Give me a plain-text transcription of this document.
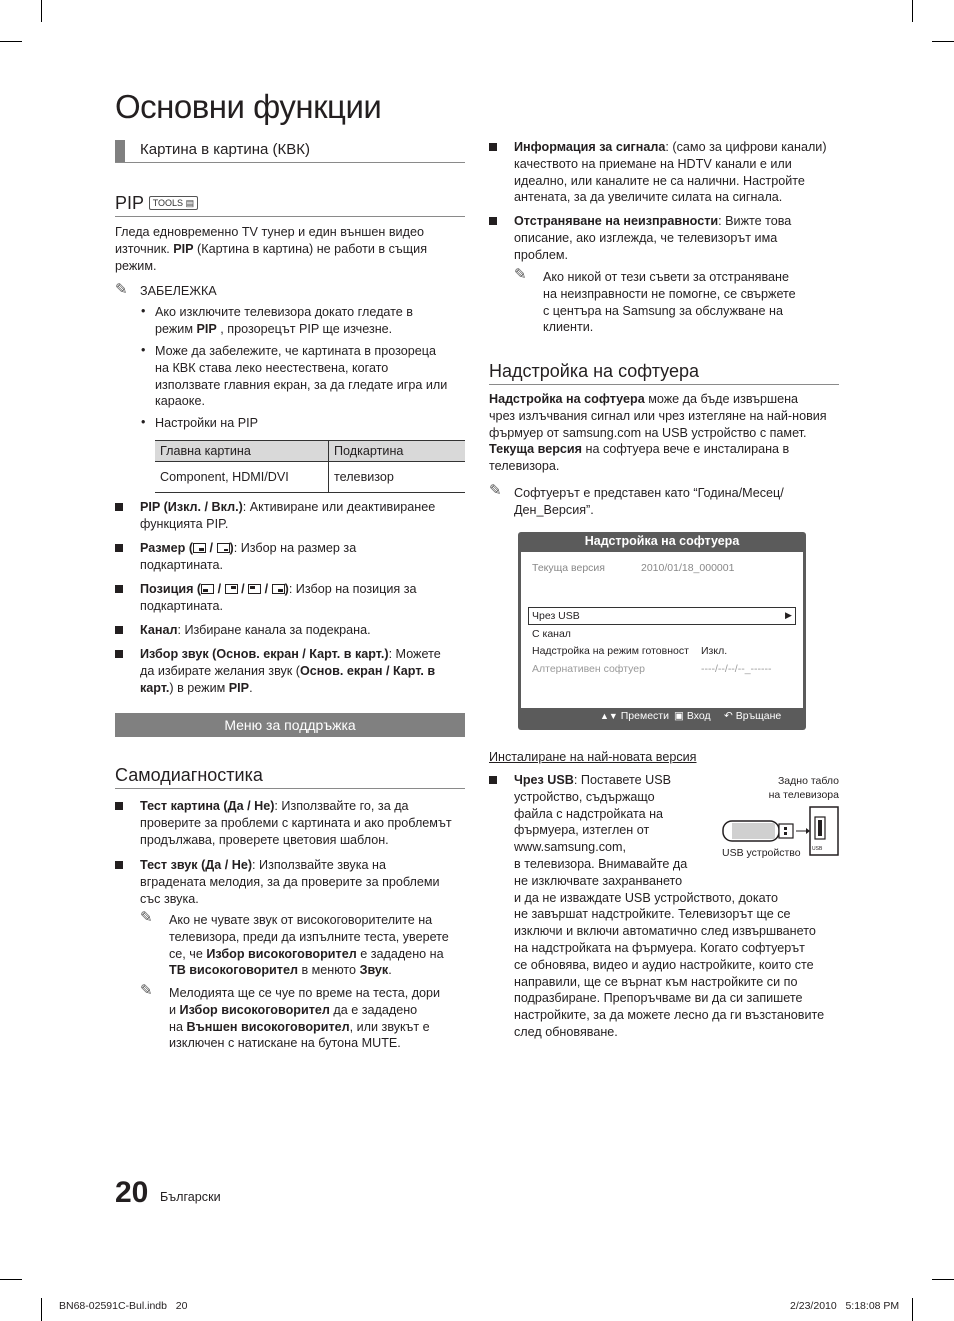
Основни функции
Картина в картина (КВК)
PIP TOOLS ▤
Гледа едновременно TV тунер и един външен видео
източник. PIP (Картина в картина) не работи в същия
режим.
✎ ЗАБЕЛЕЖКА
• Ако изключите телевизора докато гледате в
режим PIP , прозорецът PIP ще изчезне.
• Може да забележите, че картината в прозореца
на КВК става леко неестествена, когато
използвате главния екран, за да гледате игра или
караоке.
• Настройки на PIP
Главна картина	Подкартина
Component, HDMI/DVI	телевизор
PIP (Изкл. / Вкл.): Активиране или деактивиранее
функцията PIP.
Размер (
/
): Избор на размер за
подкартината.
Позиция (
/
/
/
): Избор на позиция за
подкартината.
Канал: Избиране канала за подекрана.
Избор звук (Основ. екран / Карт. в карт.): Можете
да избирате желания звук (Основ. екран / Карт. в
карт.) в режим PIP.
Меню за поддръжка
Самодиагностика
Тест картина (Да / Не): Използвайте го, за да
проверите за проблеми с картината и ако проблемът
продължава, проверете цветовия шаблон.
Тест звук (Да / Не): Използвайте звука на
вградената мелодия, за да проверите за проблеми
със звука.
✎ Ако не чувате звук от високоговорителите на
телевизора, преди да изпълните теста, уверете
се, че Избор високоговорител е зададено на
ТВ високоговорител в менюто Звук.
✎ Мелодията ще се чуе по време на теста, дори
и Избор високоговорител да е зададено
на Външен високоговорител, или звукът е
изключен с натискане на бутона MUTE.
Информация за сигнала: (само за цифрови канали)
качеството на приемане на HDTV канали е или
идеално, или каналите не са налични. Настройте
антената, за да увеличите силата на сигнала.
Отстраняване на неизправности: Вижте това
описание, ако изглежда, че телевизорът има
проблем.
✎ Ако никой от тези съвети за отстраняване
на неизправности не помогне, се свържете
с центъра на Samsung за обслужване на
клиенти.
Надстройка на софтуера
Надстройка на софтуера може да бъде извършена
чрез излъчвания сигнал или чрез изтегляне на най-новия
фърмуер от samsung.com на USB устройство с памет.
Текуща версия на софтуера вече е инсталирана в
телевизора.
✎ Софтуерът е представен като “Година/Месец/
Ден_Версия”.
Надстройка на софтуера
Текуща версия	2010/01/18_000001
Чрез USB	▶
С канал
Надстройка на режим готовност Изкл.
Алтернативен софтуер	----/--/--/--_------
▲▼ Премести ▣ Вход ↶ Връщане
Инсталиране на най-новата версия
Чрез USB: Поставете USB
устройство, съдържащо
файла с надстройката на
фърмуера, изтеглен от
www.samsung.com,
в телевизора. Внимавайте да
не изключвате захранването
и да не изваждате USB устройството, докато
не завършат надстройките. Телевизорът ще се
изключи и включи автоматично след извършването
на надстройката на фърмуера. Когато софтуерът
се обновява, видео и аудио настройките, които сте
направили, ще се върнат към настройките си по
подразбиране. Препоръчваме ви да си запишете
настройките, за да можете лесно да ги възстановите
след обновяване.
Задно табло
на телевизора
USB
USB устройство
20 Български
BN68-02591C-Bul.indb   20	2/23/2010   5:18:08 PM
